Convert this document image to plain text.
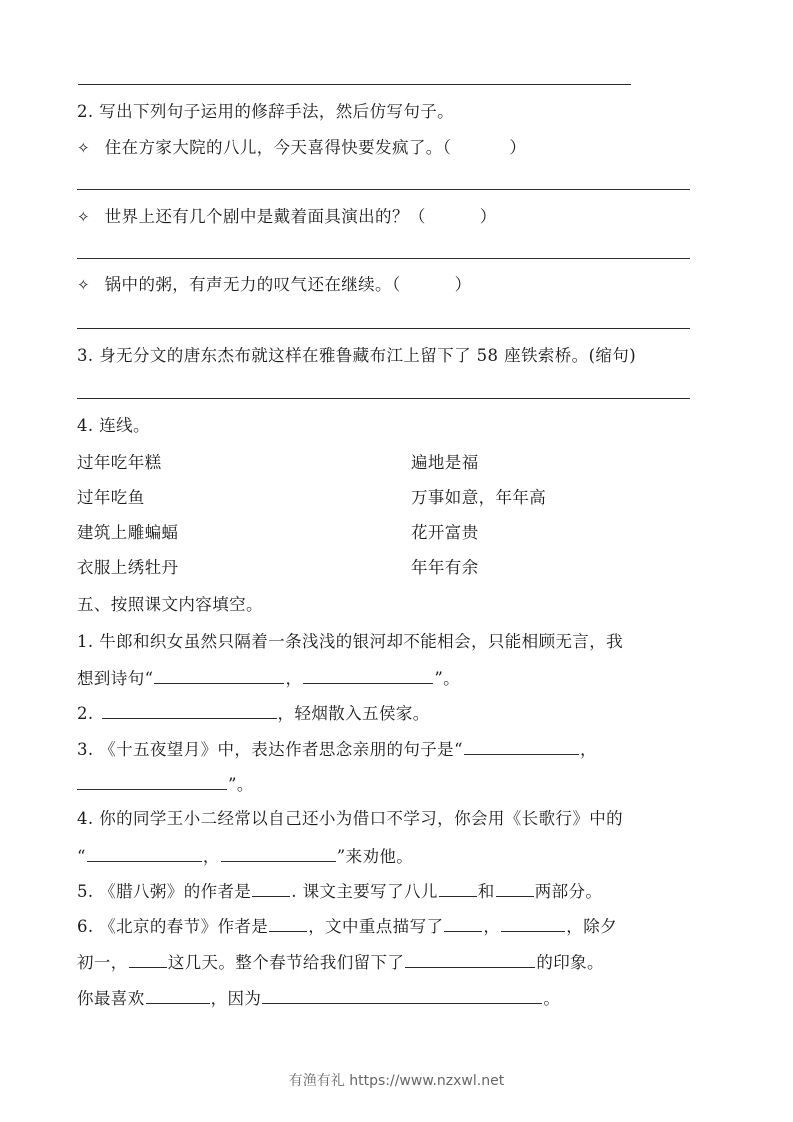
2. 写出下列句子运用的修辞手法，然后仿写句子。
✧ 住在方家大院的八儿，今天喜得快要发疯了。（	）
✧ 世界上还有几个剧中是戴着面具演出的？（	）
✧ 锅中的粥，有声无力的叹气还在继续。（	）
3. 身无分文的唐东杰布就这样在雅鲁藏布江上留下了 58 座铁索桥。(缩句)
4. 连线。
过年吃年糕	遍地是福
过年吃鱼	万事如意，年年高
建筑上雕蝙蝠	花开富贵
衣服上绣牡丹	年年有余
五、按照课文内容填空。
1. 牛郎和织女虽然只隔着一条浅浅的银河却不能相会，只能相顾无言，我
想到诗句“	，	”。
2.	，轻烟散入五侯家。
3. 《十五夜望月》中，表达作者思念亲朋的句子是“	，
”。
4. 你的同学王小二经常以自己还小为借口不学习，你会用《长歌行》中的
“	，	”来劝他。
5. 《腊八粥》的作者是 . 课文主要写了八儿 和 两部分。
6. 《北京的春节》作者是 ，文中重点描写了 ，	，除夕
初一， 这几天。整个春节给我们留下了	的印象。
你最喜欢	，因为	。
有渔有礼 https://www.nzxwl.net
